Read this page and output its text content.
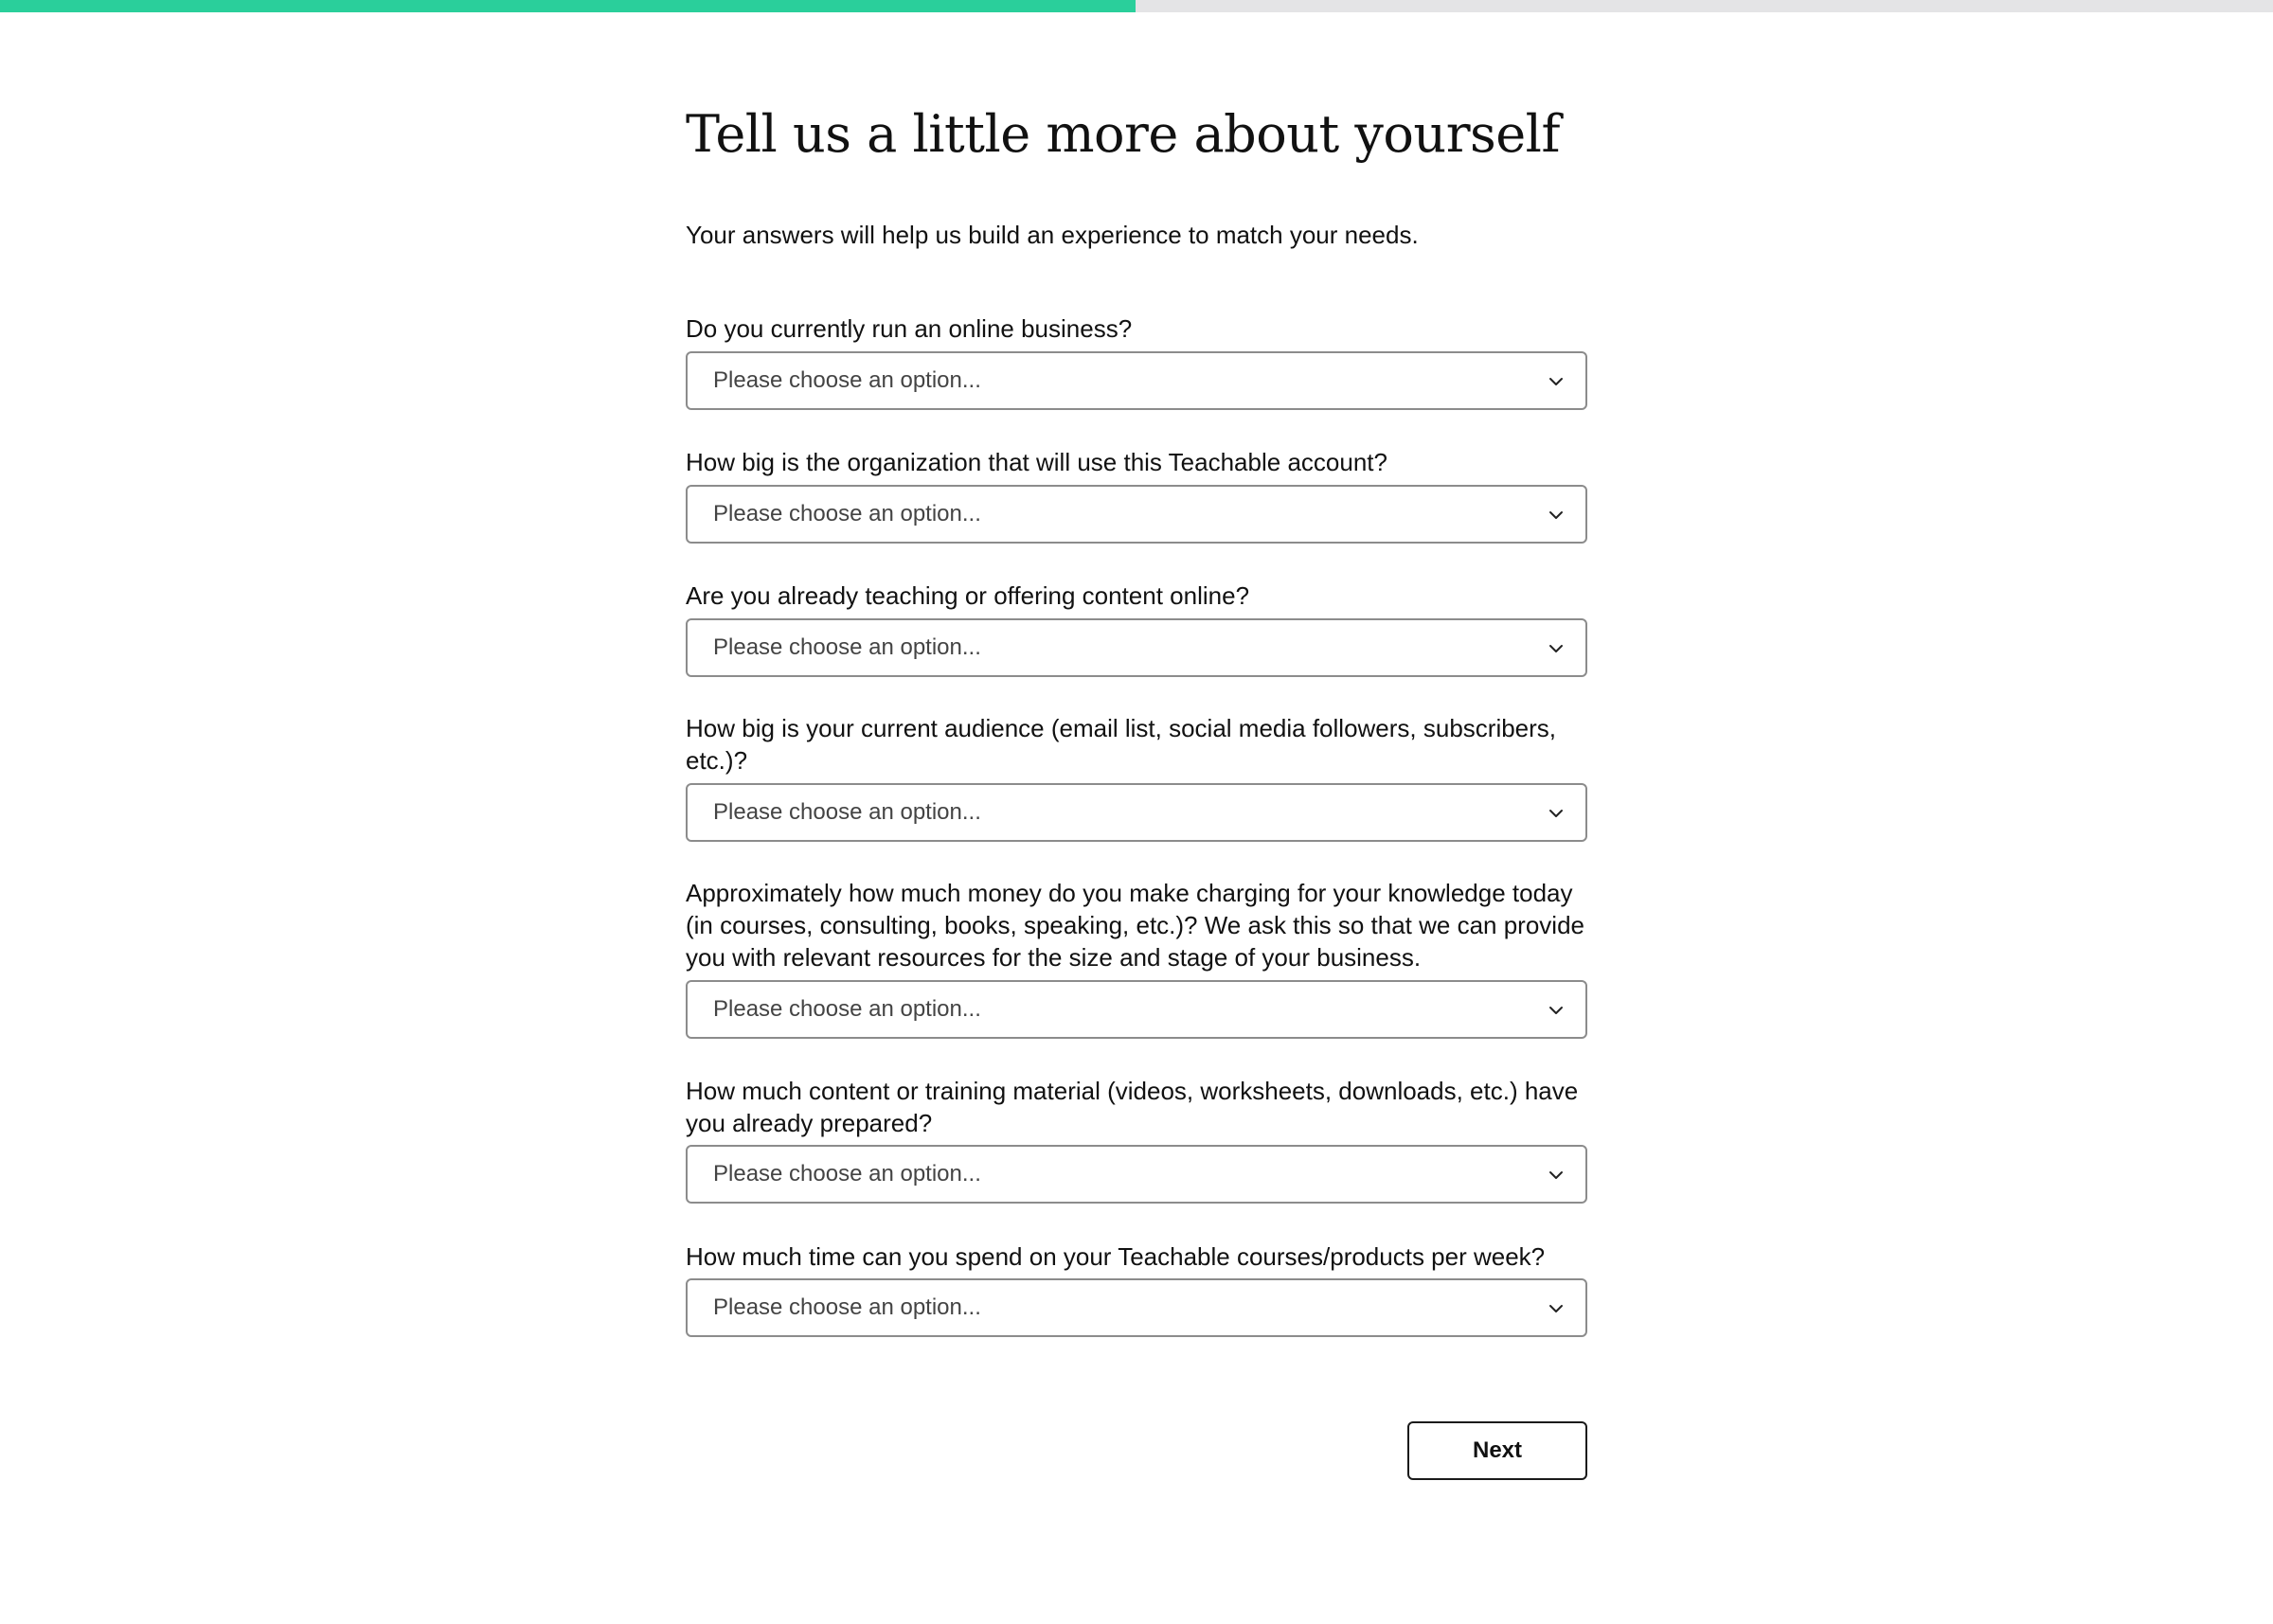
Tell us a little more about yourself

Your answers will help us build an experience to match your needs.

Do you currently run an online business?
Please choose an option...
How big is the organization that will use this Teachable account?
Please choose an option...
Are you already teaching or offering content online?
Please choose an option...
How big is your current audience (email list, social media followers, subscribers, etc.)?
Please choose an option...
Approximately how much money do you make charging for your knowledge today (in courses, consulting, books, speaking, etc.)? We ask this so that we can provide you with relevant resources for the size and stage of your business.
Please choose an option...
How much content or training material (videos, worksheets, downloads, etc.) have you already prepared?
Please choose an option...
How much time can you spend on your Teachable courses/products per week?
Please choose an option...
Next
